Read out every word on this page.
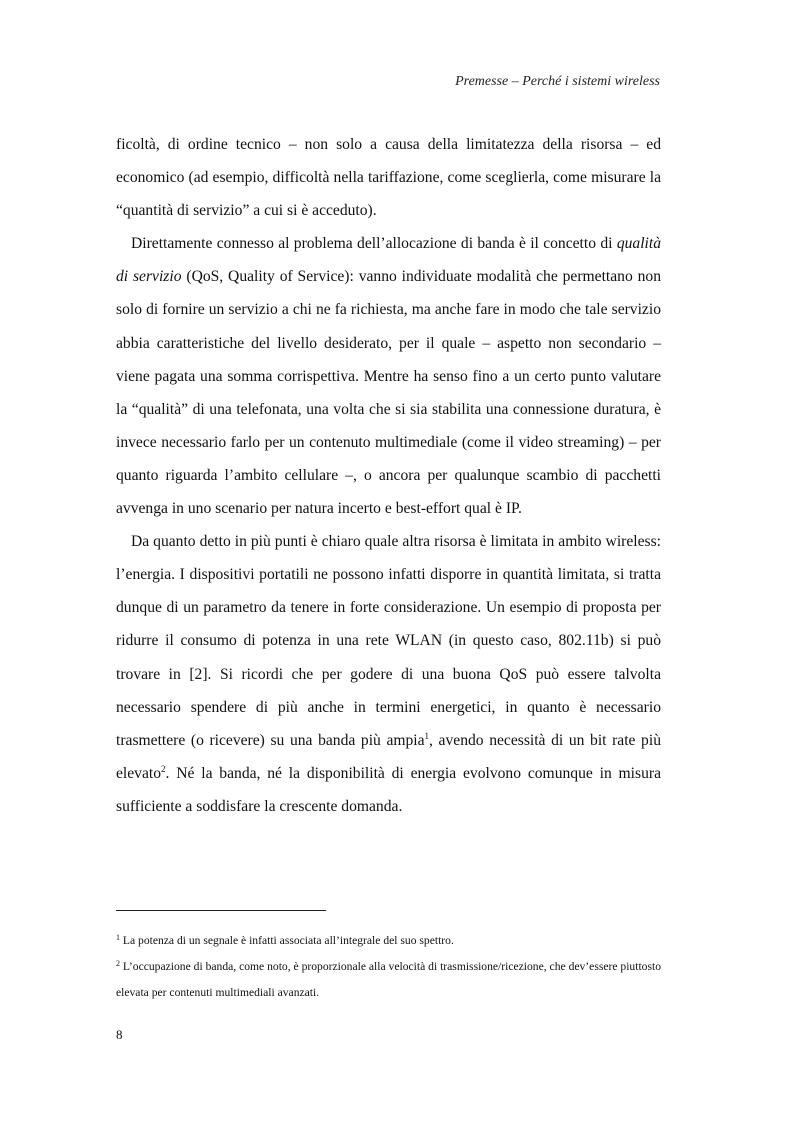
Premesse – Perché i sistemi wireless

ficoltà, di ordine tecnico – non solo a causa della limitatezza della risorsa – ed economico (ad esempio, difficoltà nella tariffazione, come sceglierla, come misurare la “quantità di servizio” a cui si è acceduto).

Direttamente connesso al problema dell’allocazione di banda è il concetto di qualità di servizio (QoS, Quality of Service): vanno individuate modalità che permettano non solo di fornire un servizio a chi ne fa richiesta, ma anche fare in modo che tale servizio abbia caratteristiche del livello desiderato, per il quale – aspetto non secondario – viene pagata una somma corrispettiva. Mentre ha senso fino a un certo punto valutare la “qualità” di una telefonata, una volta che si sia stabilita una connessione duratura, è invece necessario farlo per un contenuto multimediale (come il video streaming) – per quanto riguarda l’ambito cellulare –, o ancora per qualunque scambio di pacchetti avvenga in uno scenario per natura incerto e best-effort qual è IP.

Da quanto detto in più punti è chiaro quale altra risorsa è limitata in ambito wireless: l’energia. I dispositivi portatili ne possono infatti disporre in quantità limitata, si tratta dunque di un parametro da tenere in forte considerazione. Un esempio di proposta per ridurre il consumo di potenza in una rete WLAN (in questo caso, 802.11b) si può trovare in [2]. Si ricordi che per godere di una buona QoS può essere talvolta necessario spendere di più anche in termini energetici, in quanto è necessario trasmettere (o ricevere) su una banda più ampia$^1$, avendo necessità di un bit rate più elevato$^2$. Né la banda, né la disponibilità di energia evolvono comunque in misura sufficiente a soddisfare la crescente domanda.

$^1$ La potenza di un segnale è infatti associata all’integrale del suo spettro.

$^2$ L’occupazione di banda, come noto, è proporzionale alla velocità di trasmissione/ricezione, che dev’essere piuttosto elevata per contenuti multimediali avanzati.

8
